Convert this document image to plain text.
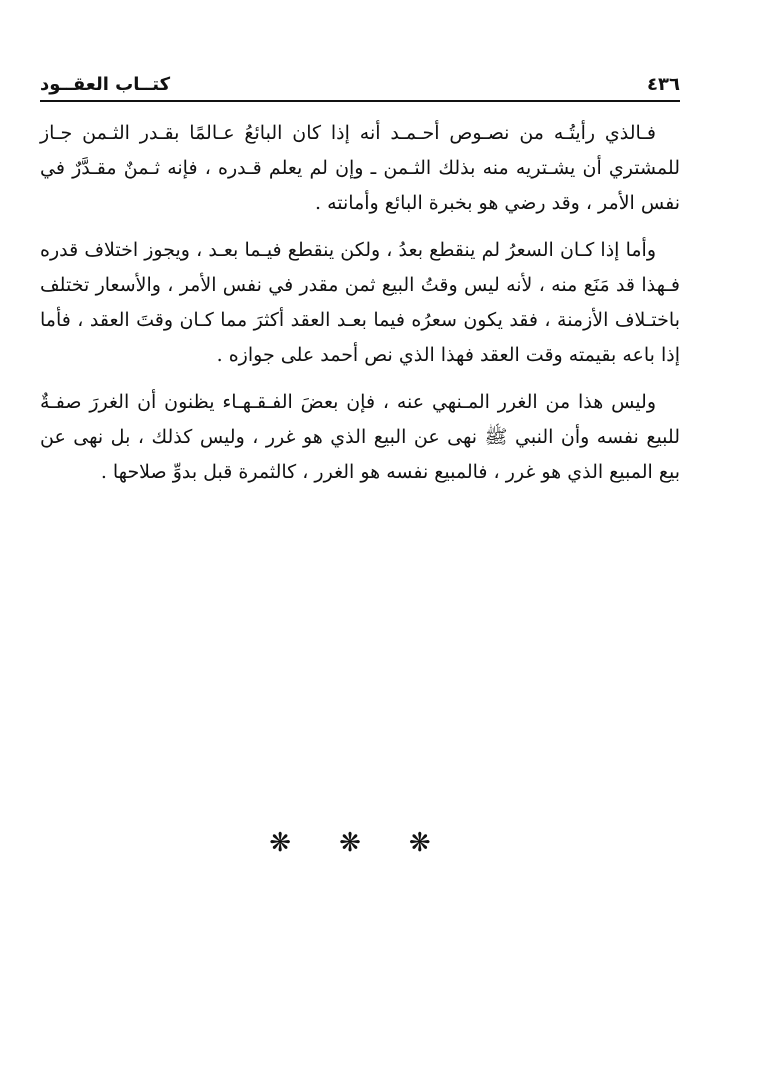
٤٣٦
كتــاب العقــود

فـالذي رأيتُـه من نصـوص أحـمـد أنه إذا كان البائعُ عـالمًا بقـدر الثـمن جـاز للمشتري أن يشـتريه منه بذلك الثـمن ـ وإن لم يعلم قـدره ، فإنه ثـمنٌ مقـدَّرٌ في نفس الأمر ، وقد رضي هو بخبرة البائع وأمانته .

وأما إذا كـان السعرُ لم ينقطع بعدُ ، ولكن ينقطع فيـما بعـد ، ويجوز اختلاف قدره فـهذا قد مَنَع منه ، لأنه ليس وقتُ البيع ثمن مقدر في نفس الأمر ، والأسعار تختلف باختـلاف الأزمنة ، فقد يكون سعرُه فيما بعـد العقد أكثرَ مما كـان وقتَ العقد ، فأما إذا باعه بقيمته وقت العقد فهذا الذي نص أحمد على جوازه .

وليس هذا من الغرر المـنهي عنه ، فإن بعضَ الفـقـهـاء يظنون أن الغررَ صفـةٌ للبيع نفسه وأن النبي ﷺ نهى عن البيع الذي هو غرر ، وليس كذلك ، بل نهى عن بيع المبيع الذي هو غرر ، فالمبيع نفسه هو الغرر ، كالثمرة قبل بدوِّ صلاحها .

❋ ❋ ❋
